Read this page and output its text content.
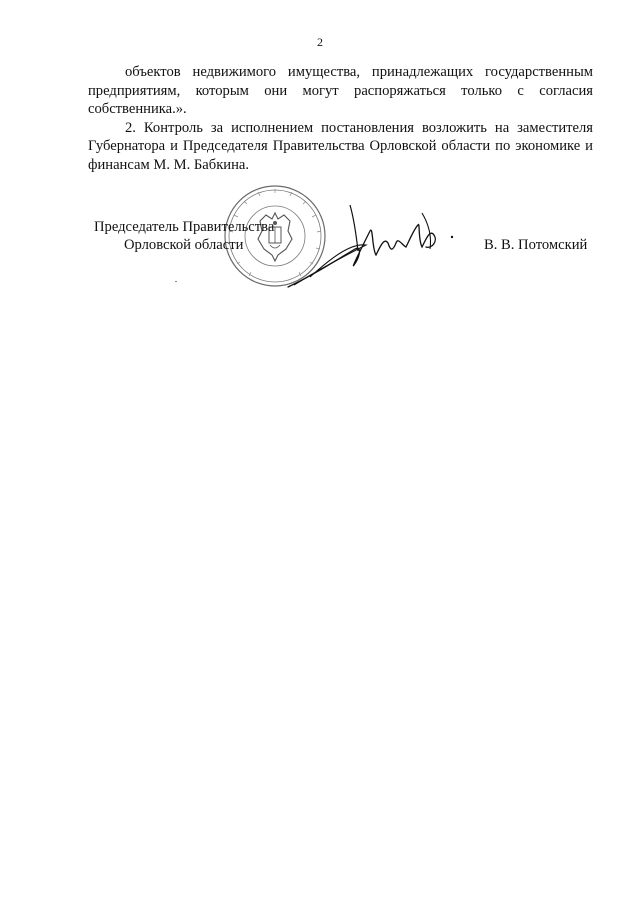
2

объектов недвижимого имущества, принадлежащих государственным предприятиям, которым они могут распоряжаться только с согласия собственника.».

2. Контроль за исполнением постановления возложить на заместителя Губернатора и Председателя Правительства Орловской области по экономике и финансам М. М. Бабкина.

Председатель Правительства
Орловской области	В. В. Потомский
